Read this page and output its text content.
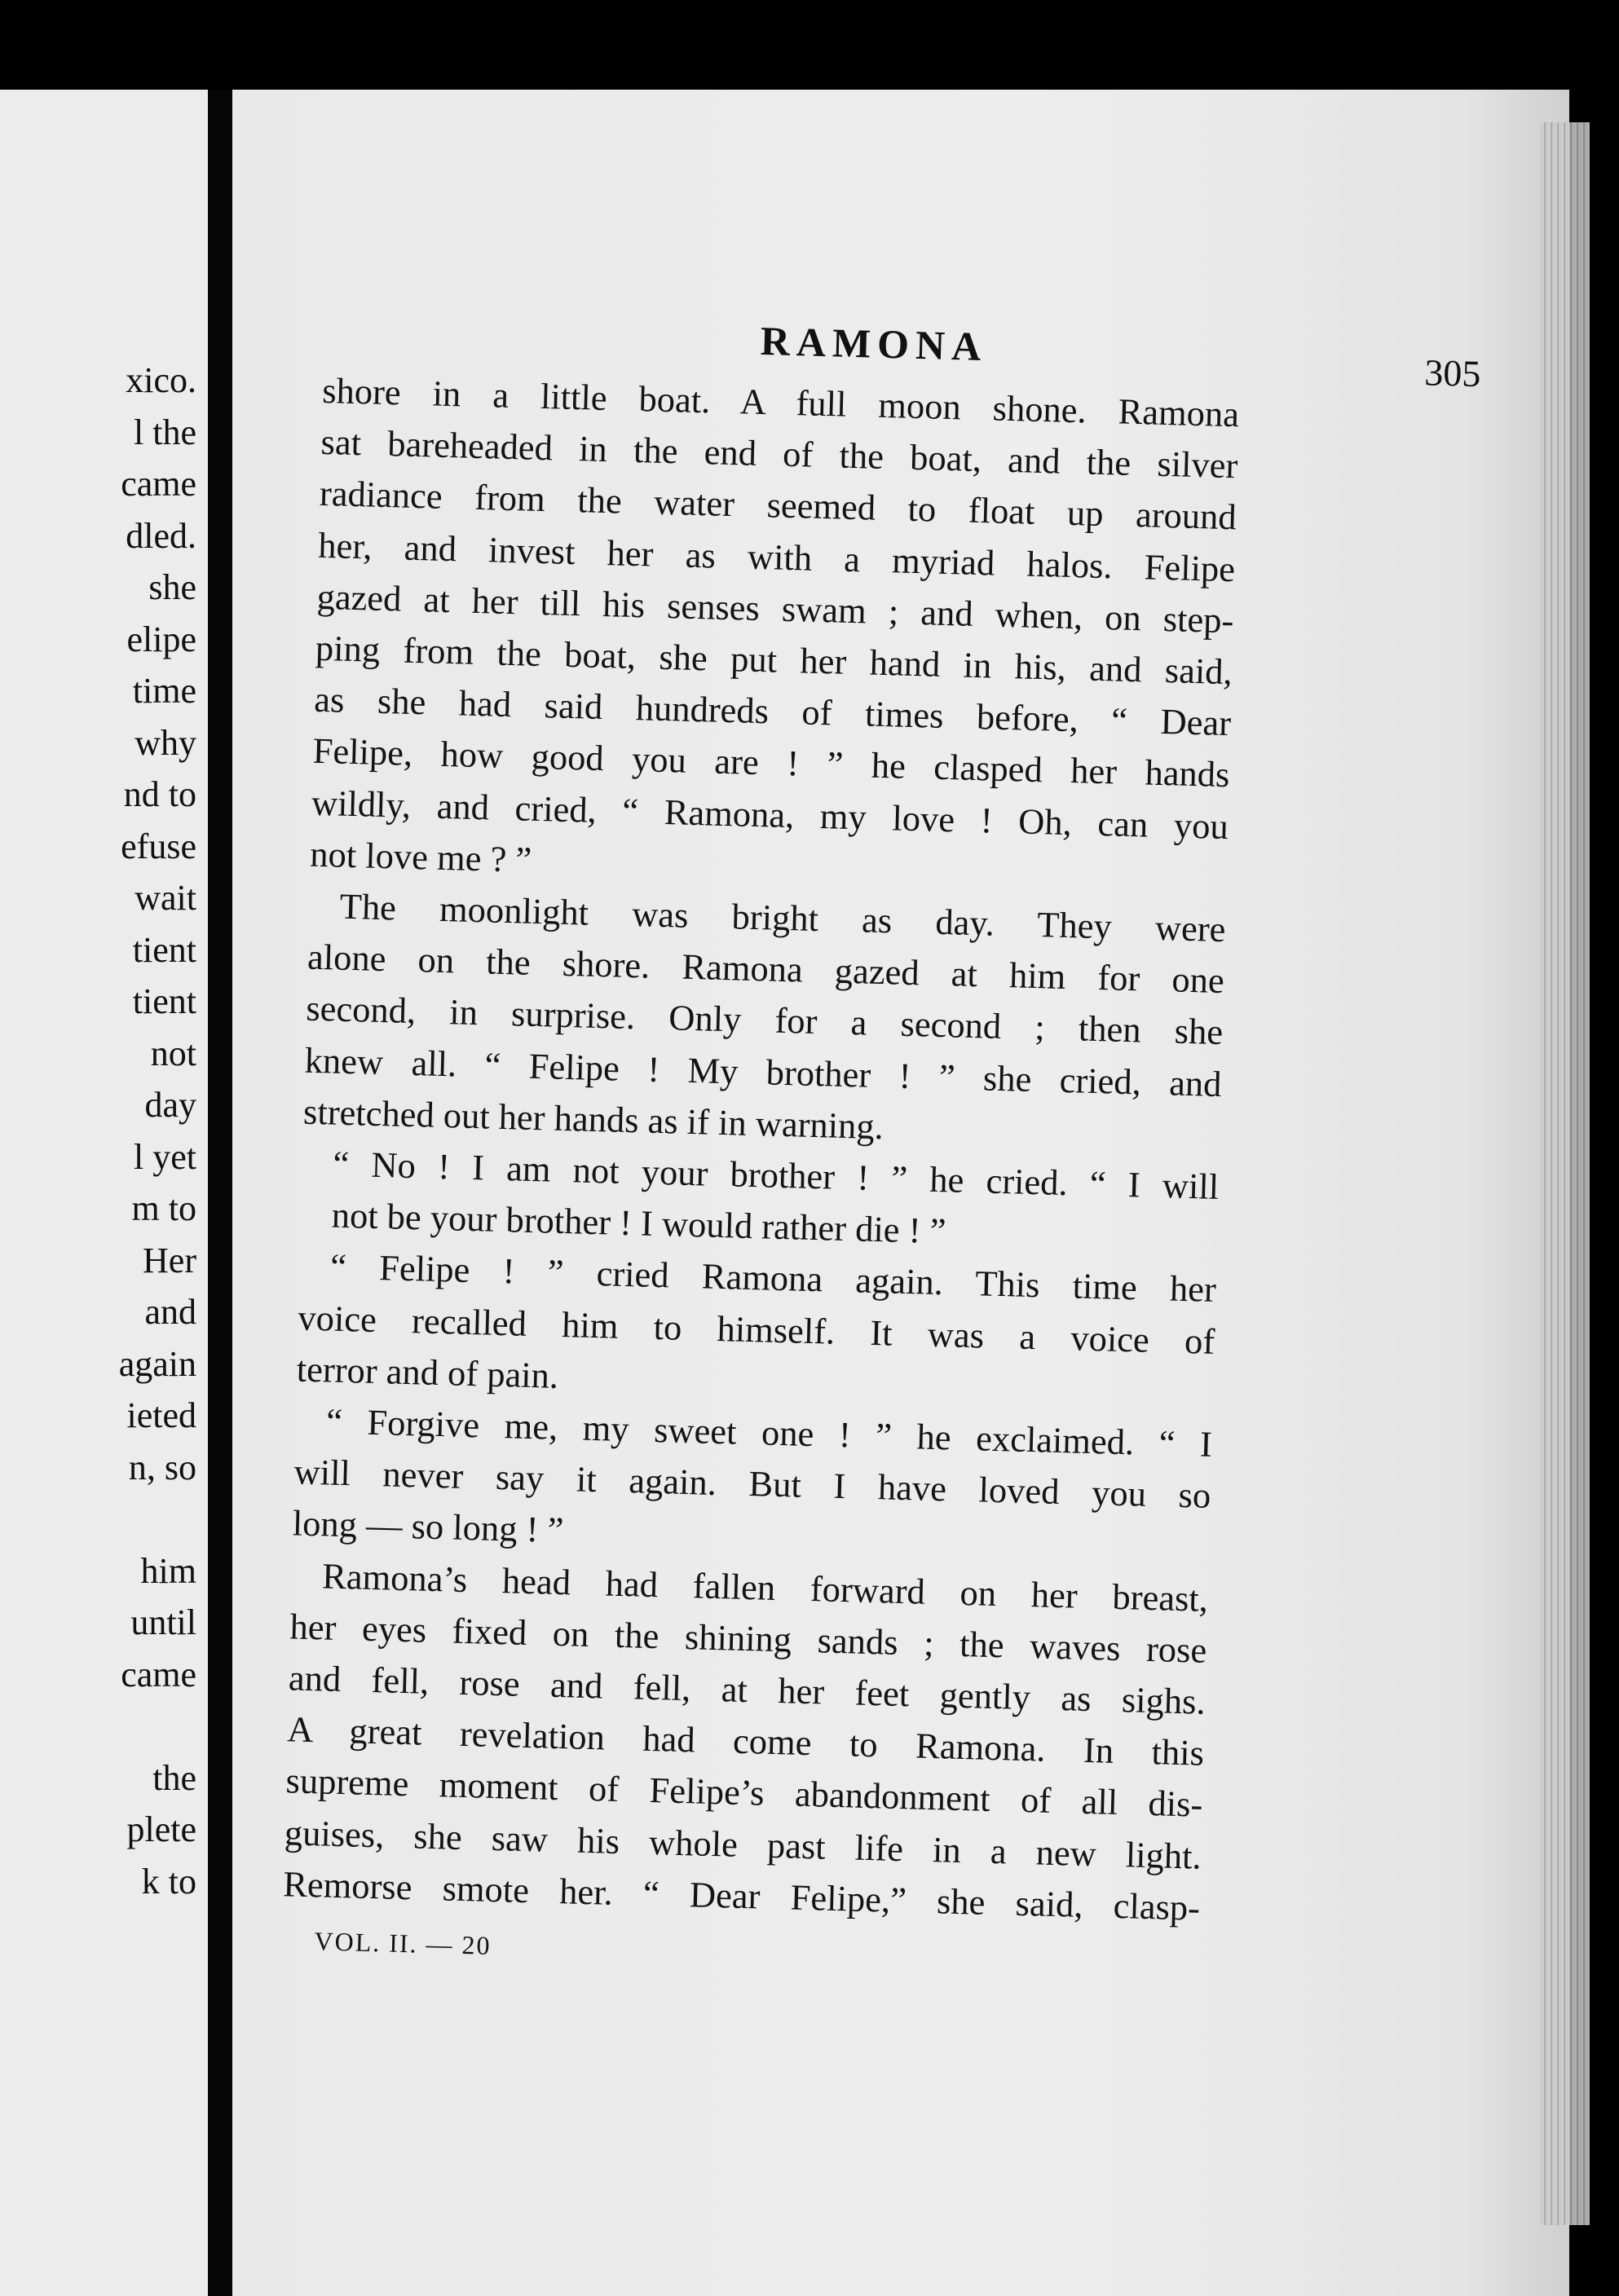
xico.
l the
came
dled.
she
elipe
time
why
nd to
efuse
wait
tient
tient
not
day
l yet
m to
Her
and
again
ieted
n, so
him
until
came
the
plete
k to
RAMONA
305
shore in a little boat. A full moon shone. Ramona
sat bareheaded in the end of the boat, and the silver
radiance from the water seemed to float up around
her, and invest her as with a myriad halos. Felipe
gazed at her till his senses swam ; and when, on step-
ping from the boat, she put her hand in his, and said,
as she had said hundreds of times before, “ Dear
Felipe, how good you are ! ” he clasped her hands
wildly, and cried, “ Ramona, my love ! Oh, can you
not love me ? ”
The moonlight was bright as day. They were
alone on the shore. Ramona gazed at him for one
second, in surprise. Only for a second ; then she
knew all. “ Felipe ! My brother ! ” she cried, and
stretched out her hands as if in warning.
“ No ! I am not your brother ! ” he cried. “ I will
not be your brother ! I would rather die ! ”
“ Felipe ! ” cried Ramona again. This time her
voice recalled him to himself. It was a voice of
terror and of pain.
“ Forgive me, my sweet one ! ” he exclaimed. “ I
will never say it again. But I have loved you so
long — so long ! ”
Ramona’s head had fallen forward on her breast,
her eyes fixed on the shining sands ; the waves rose
and fell, rose and fell, at her feet gently as sighs.
A great revelation had come to Ramona. In this
supreme moment of Felipe’s abandonment of all dis-
guises, she saw his whole past life in a new light.
Remorse smote her. “ Dear Felipe,” she said, clasp-
VOL. II. — 20
